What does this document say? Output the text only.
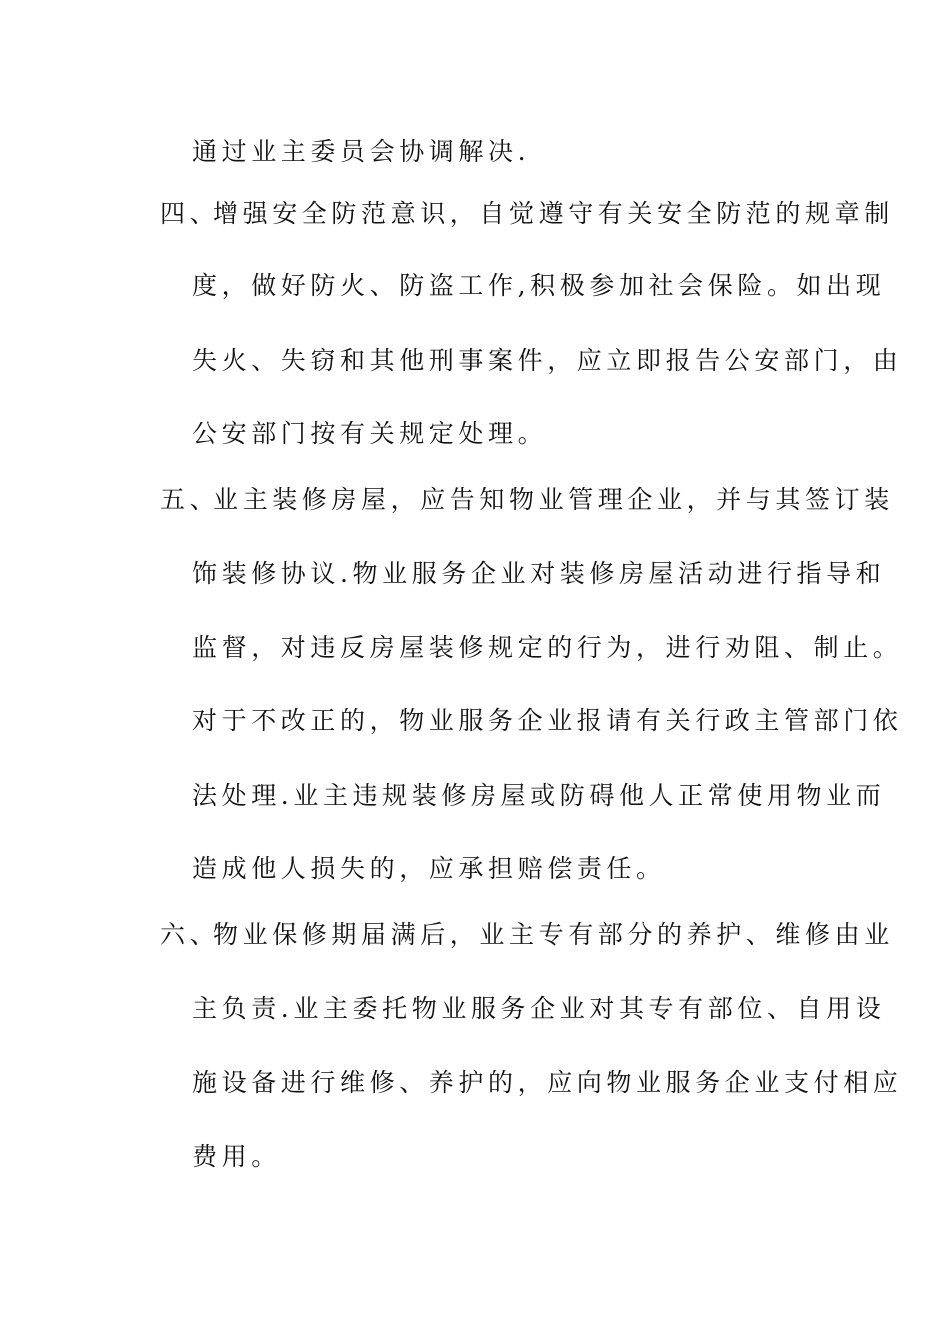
通过业主委员会协调解决.
四、
增强安全防范意识，自觉遵守有关安全防范的规章制
度，做好防火、防盗工作,积极参加社会保险。如出现
失火、失窃和其他刑事案件，应立即报告公安部门，由
公安部门按有关规定处理。
五、
业主装修房屋，应告知物业管理企业，并与其签订装
饰装修协议.物业服务企业对装修房屋活动进行指导和
监督，对违反房屋装修规定的行为，进行劝阻、制止。
对于不改正的，物业服务企业报请有关行政主管部门依
法处理.业主违规装修房屋或防碍他人正常使用物业而
造成他人损失的，应承担赔偿责任。
六、
物业保修期届满后，业主专有部分的养护、维修由业
主负责.业主委托物业服务企业对其专有部位、自用设
施设备进行维修、养护的，应向物业服务企业支付相应
费用。
